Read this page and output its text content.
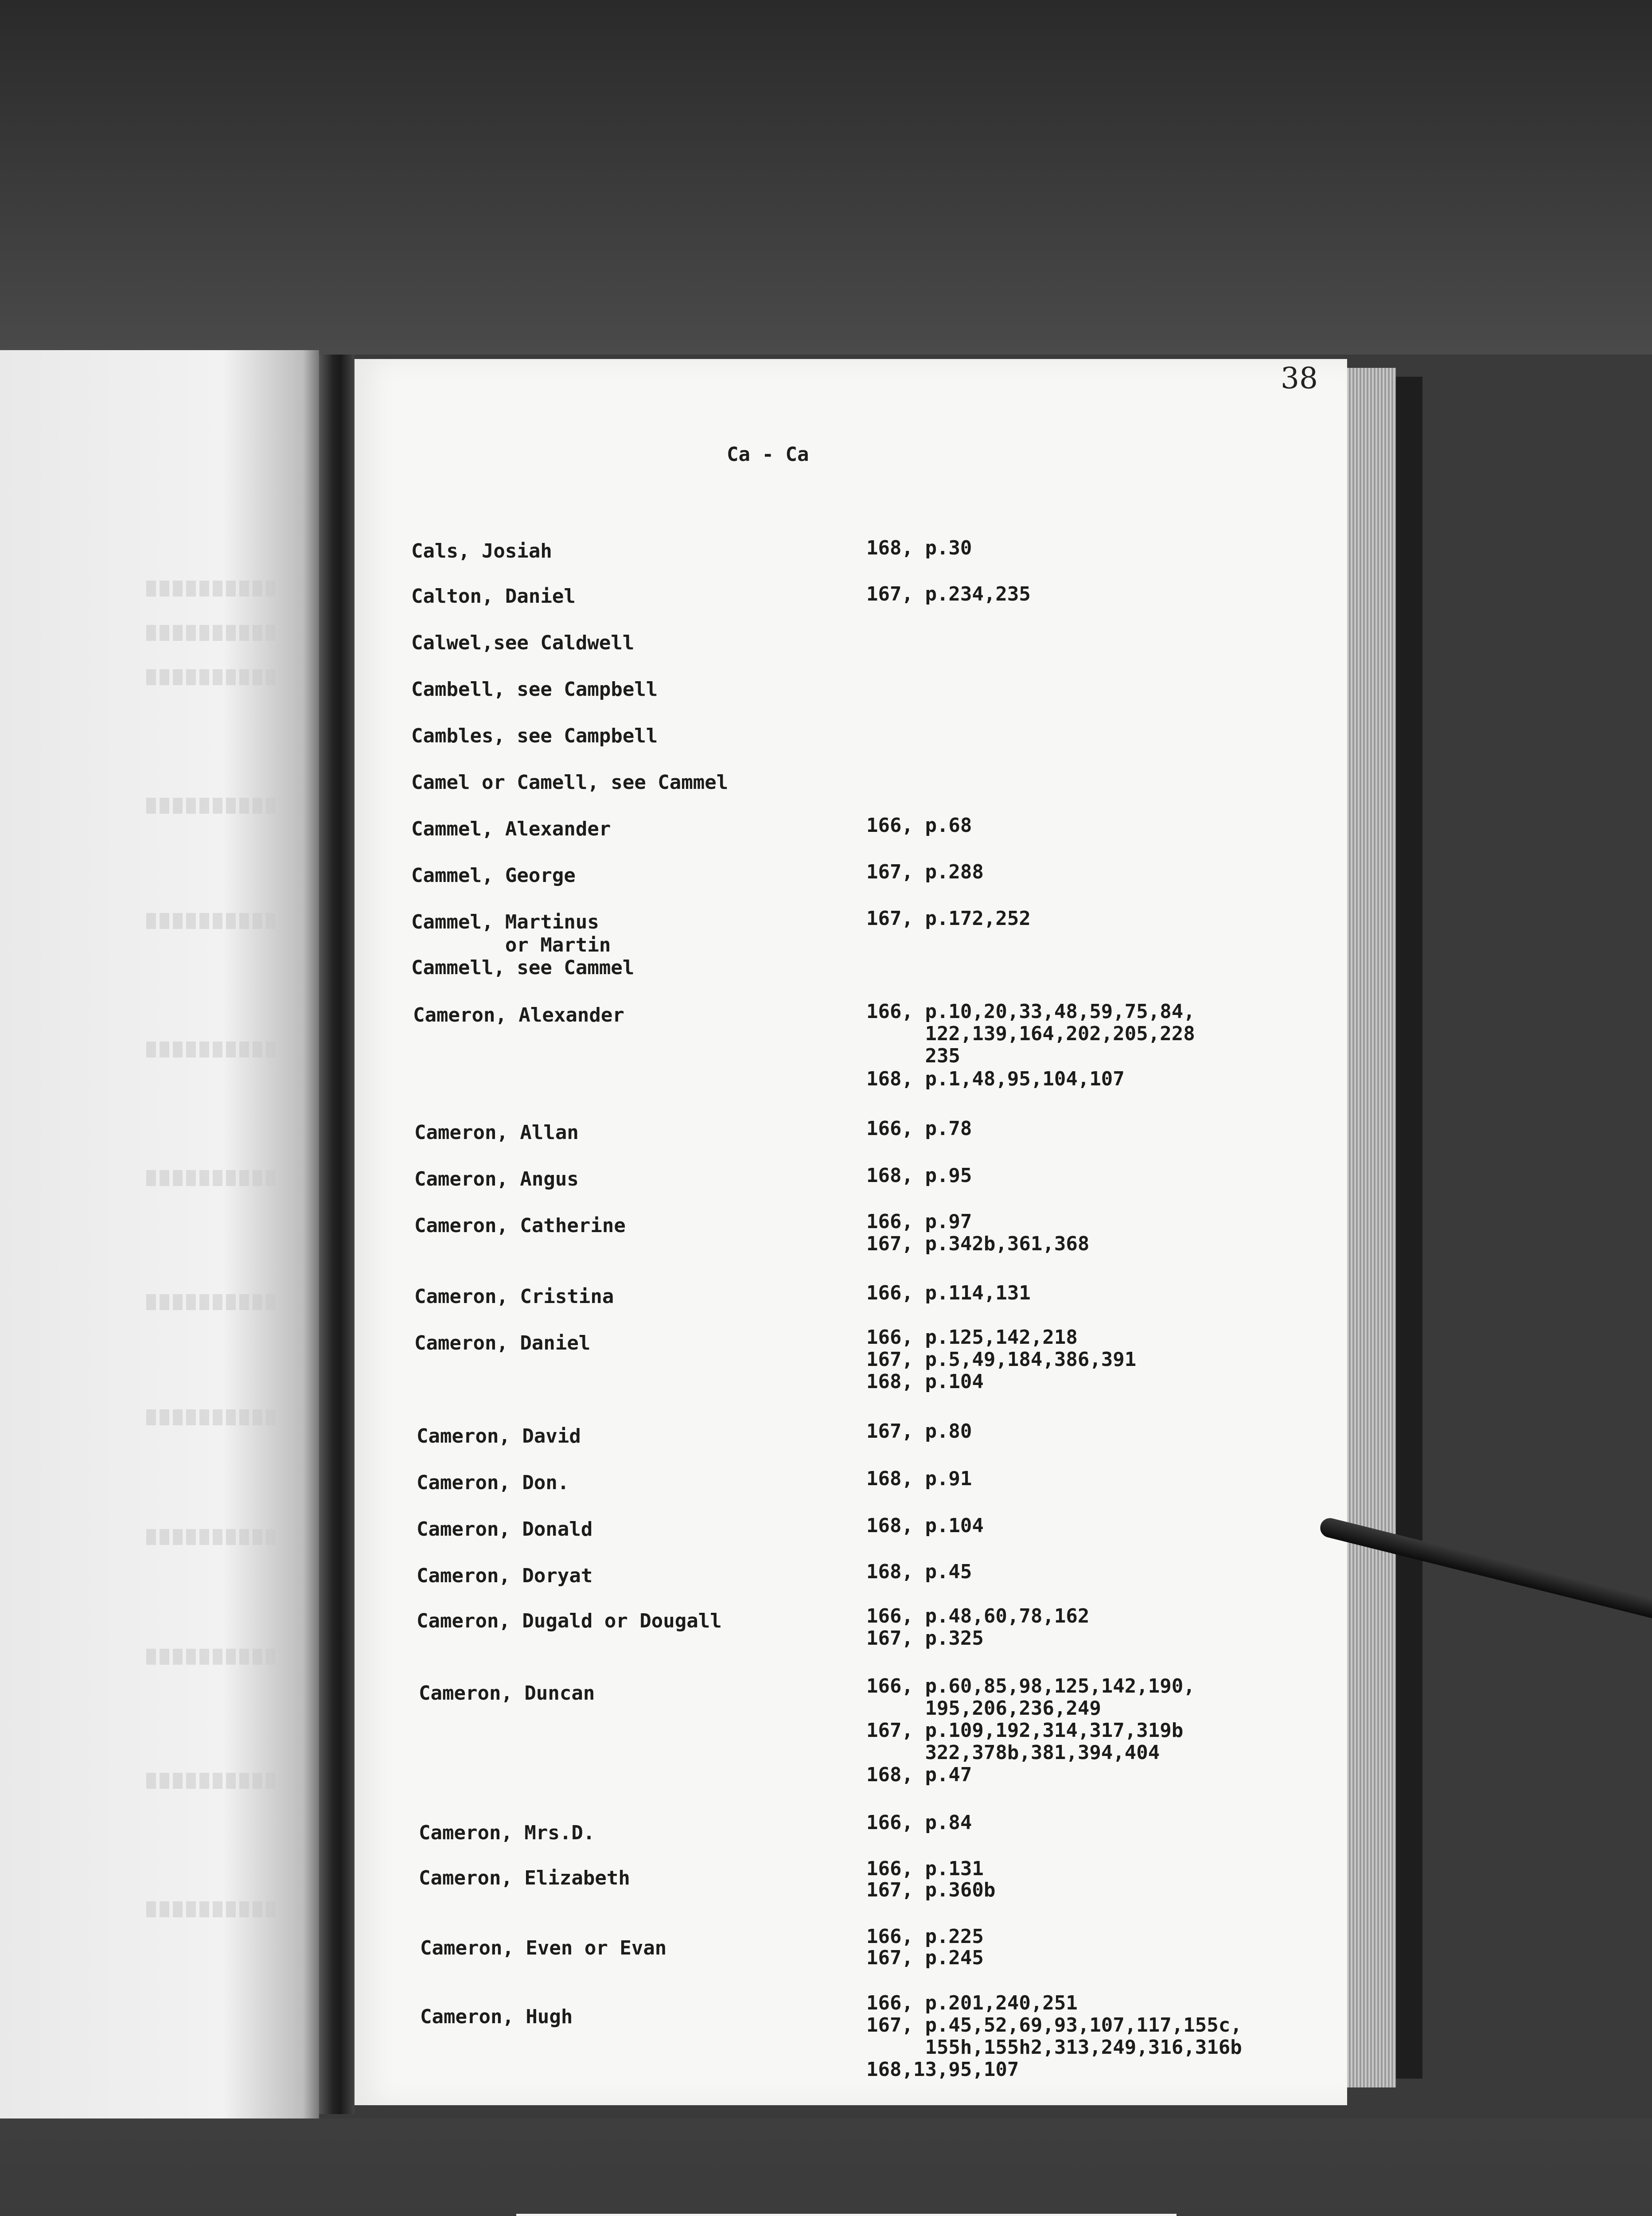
38
Ca - Ca
Cals, Josiah
Calton, Daniel
Calwel,see Caldwell
Cambell, see Campbell
Cambles, see Campbell
Camel or Camell, see Cammel
Cammel, Alexander
Cammel, George
Cammel, Martinus
or Martin
Cammell, see Cammel
Cameron, Alexander
Cameron, Allan
Cameron, Angus
Cameron, Catherine
Cameron, Cristina
Cameron, Daniel
Cameron, David
Cameron, Don.
Cameron, Donald
Cameron, Doryat
Cameron, Dugald or Dougall
Cameron, Duncan
Cameron, Mrs.D.
Cameron, Elizabeth
Cameron, Even or Evan
Cameron, Hugh
168, p.30
167, p.234,235
166, p.68
167, p.288
167, p.172,252
166, p.10,20,33,48,59,75,84,
122,139,164,202,205,228
235
168, p.1,48,95,104,107
166, p.78
168, p.95
166, p.97
167, p.342b,361,368
166, p.114,131
166, p.125,142,218
167, p.5,49,184,386,391
168, p.104
167, p.80
168, p.91
168, p.104
168, p.45
166, p.48,60,78,162
167, p.325
166, p.60,85,98,125,142,190,
195,206,236,249
167, p.109,192,314,317,319b
322,378b,381,394,404
168, p.47
166, p.84
166, p.131
167, p.360b
166, p.225
167, p.245
166, p.201,240,251
167, p.45,52,69,93,107,117,155c,
155h,155h2,313,249,316,316b
168,13,95,107
